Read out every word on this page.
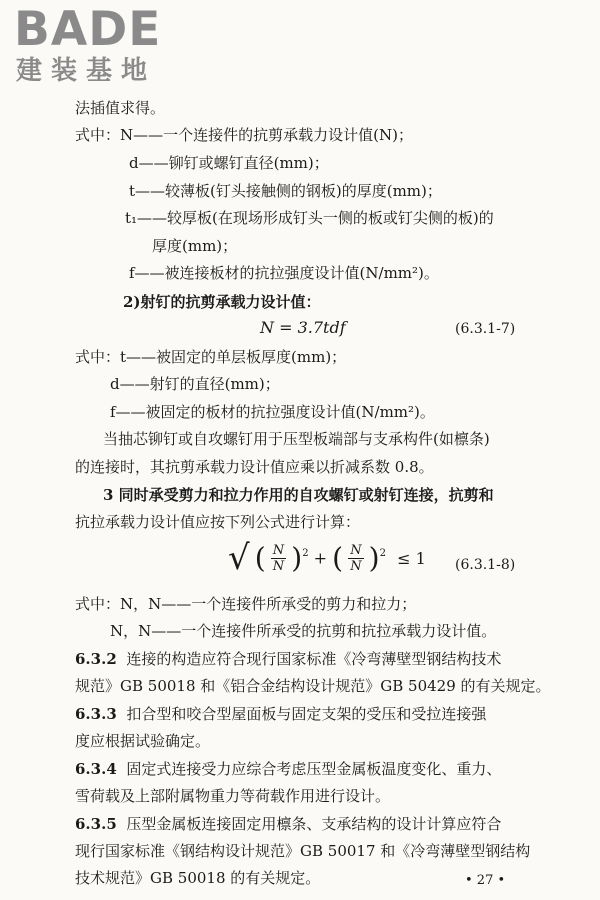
BADE
建装基地
法插值求得。
式中：N——一个连接件的抗剪承载力设计值(N)；
d——铆钉或螺钉直径(mm)；
t——较薄板(钉头接触侧的钢板)的厚度(mm)；
t₁——较厚板(在现场形成钉头一侧的板或钉尖侧的板)的
厚度(mm)；
f——被连接板材的抗拉强度设计值(N/mm²)。
2)射钉的抗剪承载力设计值：
N = 3.7tdf	(6.3.1-7)
式中：t——被固定的单层板厚度(mm)；
d——射钉的直径(mm)；
f——被固定的板材的抗拉强度设计值(N/mm²)。
当抽芯铆钉或自攻螺钉用于压型板端部与支承构件(如檩条)
的连接时，其抗剪承载力设计值应乘以折减系数 0.8。
3 同时承受剪力和拉力作用的自攻螺钉或射钉连接，抗剪和
抗拉承载力设计值应按下列公式进行计算：
√ ( $\frac{N}{N} )^2$ + ( $\frac{N}{N} )^2 \le 1$ (6.3.1-8)
式中：N，N——一个连接件所承受的剪力和拉力；
N，N——一个连接件所承受的抗剪和抗拉承载力设计值。
6.3.2 连接的构造应符合现行国家标准《冷弯薄壁型钢结构技术
规范》GB 50018 和《铝合金结构设计规范》GB 50429 的有关规定。
6.3.3 扣合型和咬合型屋面板与固定支架的受压和受拉连接强
度应根据试验确定。
6.3.4 固定式连接受力应综合考虑压型金属板温度变化、重力、
雪荷载及上部附属物重力等荷载作用进行设计。
6.3.5 压型金属板连接固定用檩条、支承结构的设计计算应符合
现行国家标准《钢结构设计规范》GB 50017 和《冷弯薄壁型钢结构
技术规范》GB 50018 的有关规定。	• 27 •
